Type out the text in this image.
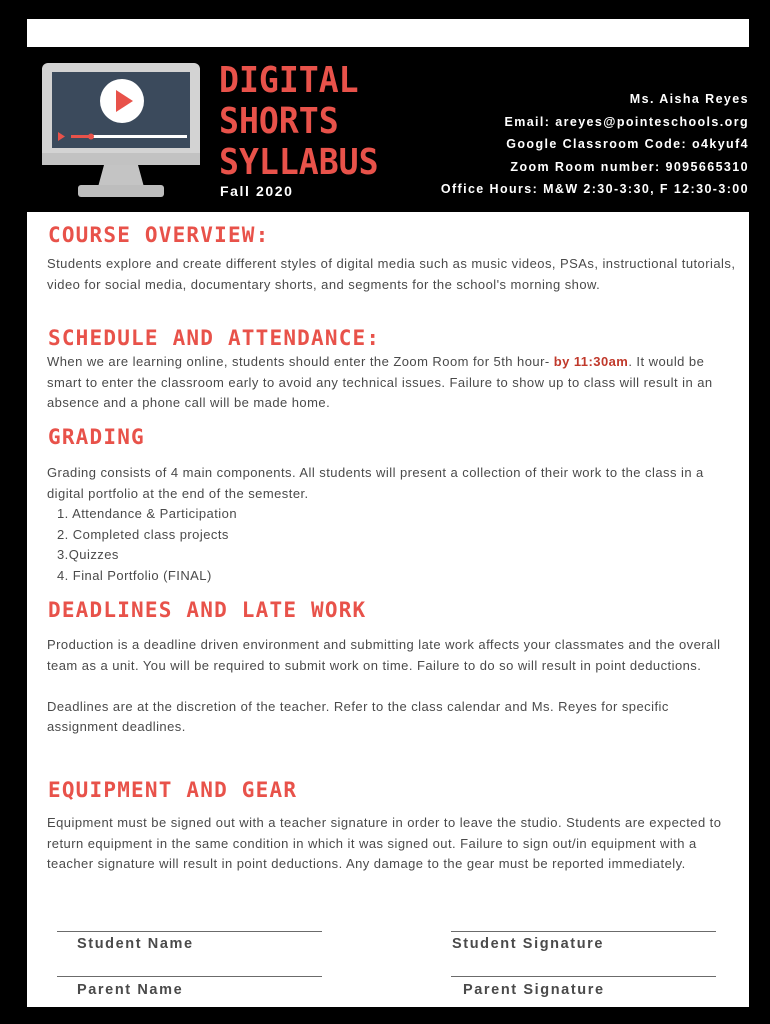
DIGITAL
SHORTS
SYLLABUS
Fall 2020
Ms. Aisha Reyes
Email: areyes@pointeschools.org
Google Classroom Code: o4kyuf4
Zoom Room number: 9095665310
Office Hours: M&W 2:30-3:30, F 12:30-3:00
COURSE OVERVIEW:
Students explore and create different styles of digital media such as music videos, PSAs, instructional tutorials, video for social media, documentary shorts, and segments for the school's morning show.
SCHEDULE AND ATTENDANCE:
When we are learning online, students should enter the Zoom Room for 5th hour- by 11:30am. It would be smart to enter the classroom early to avoid any technical issues. Failure to show up to class will result in an absence and a phone call will be made home.
GRADING

Grading consists of 4 main components. All students will present a collection of their work to the class in a digital portfolio at the end of the semester.

1. Attendance & Participation
2. Completed class projects
3.Quizzes
4. Final Portfolio (FINAL)
DEADLINES AND LATE WORK

Production is a deadline driven environment and submitting late work affects your classmates and the overall team as a unit. You will be required to submit work on time. Failure to do so will result in point deductions.

Deadlines are at the discretion of the teacher. Refer to the class calendar and Ms. Reyes for specific assignment deadlines.

EQUIPMENT AND GEAR
Equipment must be signed out with a teacher signature in order to leave the studio. Students are expected to return equipment in the same condition in which it was signed out. Failure to sign out/in equipment with a teacher signature will result in point deductions. Any damage to the gear must be reported immediately.
Student Name	Student Signature
Parent Name	Parent Signature
